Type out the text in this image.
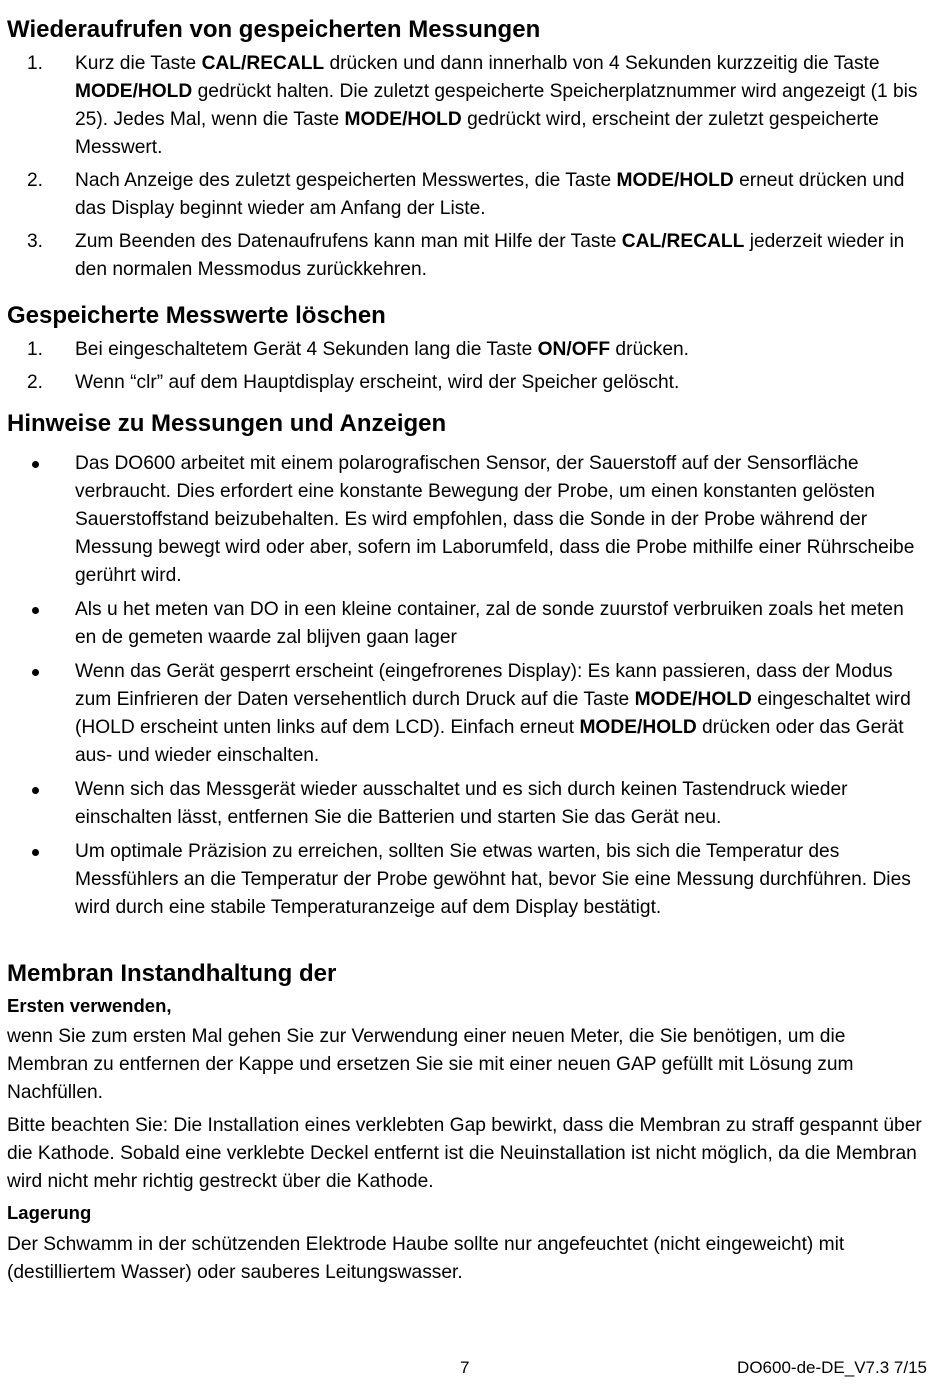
Wiederaufrufen von gespeicherten Messungen
1. Kurz die Taste CAL/RECALL drücken und dann innerhalb von 4 Sekunden kurzzeitig die Taste MODE/HOLD gedrückt halten. Die zuletzt gespeicherte Speicherplatznummer wird angezeigt (1 bis 25). Jedes Mal, wenn die Taste MODE/HOLD gedrückt wird, erscheint der zuletzt gespeicherte Messwert.
2. Nach Anzeige des zuletzt gespeicherten Messwertes, die Taste MODE/HOLD erneut drücken und das Display beginnt wieder am Anfang der Liste.
3. Zum Beenden des Datenaufrufens kann man mit Hilfe der Taste CAL/RECALL jederzeit wieder in den normalen Messmodus zurückkehren.
Gespeicherte Messwerte löschen
1. Bei eingeschaltetem Gerät 4 Sekunden lang die Taste ON/OFF drücken.
2. Wenn “clr” auf dem Hauptdisplay erscheint, wird der Speicher gelöscht.
Hinweise zu Messungen und Anzeigen
Das DO600 arbeitet mit einem polarografischen Sensor, der Sauerstoff auf der Sensorfläche verbraucht. Dies erfordert eine konstante Bewegung der Probe, um einen konstanten gelösten Sauerstoffstand beizubehalten. Es wird empfohlen, dass die Sonde in der Probe während der Messung bewegt wird oder aber, sofern im Laborumfeld, dass die Probe mithilfe einer Rührscheibe gerührt wird.
Als u het meten van DO in een kleine container, zal de sonde zuurstof verbruiken zoals het meten en de gemeten waarde zal blijven gaan lager
Wenn das Gerät gesperrt erscheint (eingefrorenes Display): Es kann passieren, dass der Modus zum Einfrieren der Daten versehentlich durch Druck auf die Taste MODE/HOLD eingeschaltet wird (HOLD erscheint unten links auf dem LCD). Einfach erneut MODE/HOLD drücken oder das Gerät aus- und wieder einschalten.
Wenn sich das Messgerät wieder ausschaltet und es sich durch keinen Tastendruck wieder einschalten lässt, entfernen Sie die Batterien und starten Sie das Gerät neu.
Um optimale Präzision zu erreichen, sollten Sie etwas warten, bis sich die Temperatur des Messfühlers an die Temperatur der Probe gewöhnt hat, bevor Sie eine Messung durchführen. Dies wird durch eine stabile Temperaturanzeige auf dem Display bestätigt.
Membran Instandhaltung der
Ersten verwenden,

wenn Sie zum ersten Mal gehen Sie zur Verwendung einer neuen Meter, die Sie benötigen, um die Membran zu entfernen der Kappe und ersetzen Sie sie mit einer neuen GAP gefüllt mit Lösung zum Nachfüllen.

Bitte beachten Sie: Die Installation eines verklebten Gap bewirkt, dass die Membran zu straff gespannt über die Kathode. Sobald eine verklebte Deckel entfernt ist die Neuinstallation ist nicht möglich, da die Membran wird nicht mehr richtig gestreckt über die Kathode.

Lagerung

Der Schwamm in der schützenden Elektrode Haube sollte nur angefeuchtet (nicht eingeweicht) mit (destilliertem Wasser) oder sauberes Leitungswasser.

7	DO600-de-DE_V7.3 7/15
